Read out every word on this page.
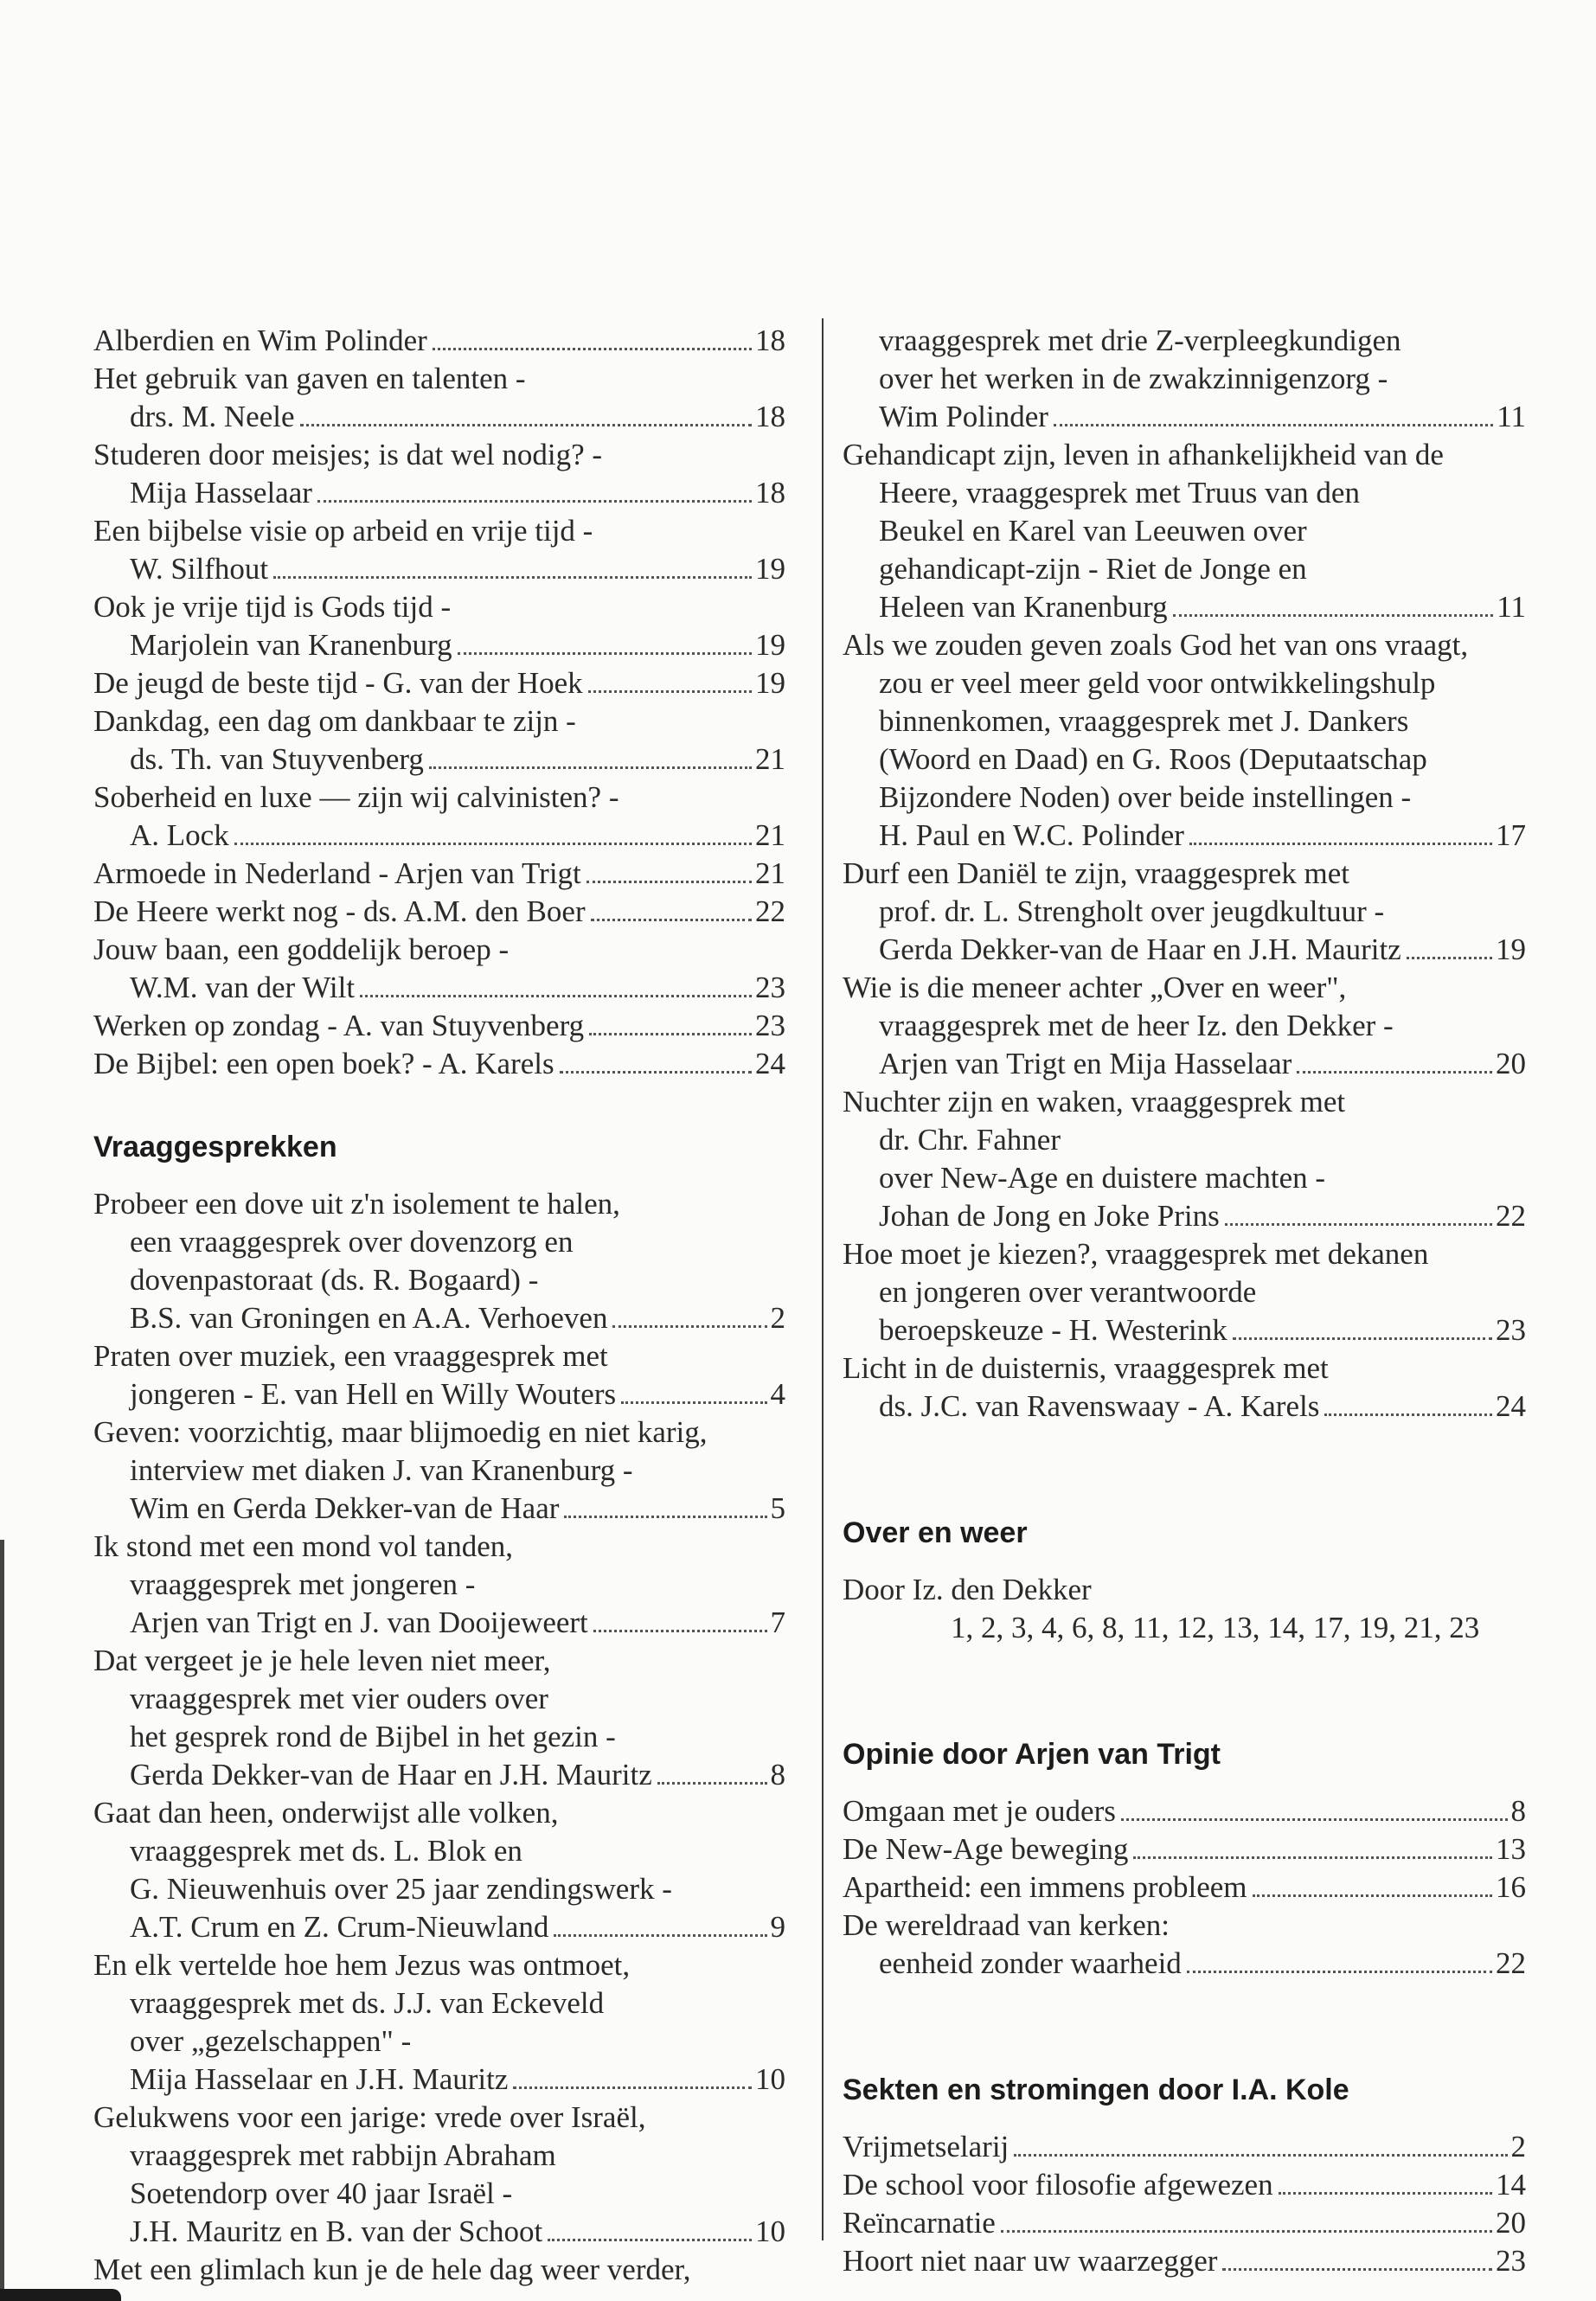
Alberdien en Wim Polinder	18
Het gebruik van gaven en talenten -
drs. M. Neele	18
Studeren door meisjes; is dat wel nodig? -
Mija Hasselaar	18
Een bijbelse visie op arbeid en vrije tijd -
W. Silfhout	19
Ook je vrije tijd is Gods tijd -
Marjolein van Kranenburg	19
De jeugd de beste tijd - G. van der Hoek	19
Dankdag, een dag om dankbaar te zijn -
ds. Th. van Stuyvenberg	21
Soberheid en luxe — zijn wij calvinisten? -
A. Lock	21
Armoede in Nederland - Arjen van Trigt	21
De Heere werkt nog - ds. A.M. den Boer	22
Jouw baan, een goddelijk beroep -
W.M. van der Wilt	23
Werken op zondag - A. van Stuyvenberg	23
De Bijbel: een open boek? - A. Karels	24
Vraaggesprekken
Probeer een dove uit z'n isolement te halen,
een vraaggesprek over dovenzorg en
dovenpastoraat (ds. R. Bogaard) -
B.S. van Groningen en A.A. Verhoeven	2
Praten over muziek, een vraaggesprek met
jongeren - E. van Hell en Willy Wouters	4
Geven: voorzichtig, maar blijmoedig en niet karig,
interview met diaken J. van Kranenburg -
Wim en Gerda Dekker-van de Haar	5
Ik stond met een mond vol tanden,
vraaggesprek met jongeren -
Arjen van Trigt en J. van Dooijeweert	7
Dat vergeet je je hele leven niet meer,
vraaggesprek met vier ouders over
het gesprek rond de Bijbel in het gezin -
Gerda Dekker-van de Haar en J.H. Mauritz	8
Gaat dan heen, onderwijst alle volken,
vraaggesprek met ds. L. Blok en
G. Nieuwenhuis over 25 jaar zendingswerk -
A.T. Crum en Z. Crum-Nieuwland	9
En elk vertelde hoe hem Jezus was ontmoet,
vraaggesprek met ds. J.J. van Eckeveld
over „gezelschappen" -
Mija Hasselaar en J.H. Mauritz	10
Gelukwens voor een jarige: vrede over Israël,
vraaggesprek met rabbijn Abraham
Soetendorp over 40 jaar Israël -
J.H. Mauritz en B. van der Schoot	10
Met een glimlach kun je de hele dag weer verder,
vraaggesprek met drie Z-verpleegkundigen
over het werken in de zwakzinnigenzorg -
Wim Polinder	11
Gehandicapt zijn, leven in afhankelijkheid van de
Heere, vraaggesprek met Truus van den
Beukel en Karel van Leeuwen over
gehandicapt-zijn - Riet de Jonge en
Heleen van Kranenburg	11
Als we zouden geven zoals God het van ons vraagt,
zou er veel meer geld voor ontwikkelingshulp
binnenkomen, vraaggesprek met J. Dankers
(Woord en Daad) en G. Roos (Deputaatschap
Bijzondere Noden) over beide instellingen -
H. Paul en W.C. Polinder	17
Durf een Daniël te zijn, vraaggesprek met
prof. dr. L. Strengholt over jeugdkultuur -
Gerda Dekker-van de Haar en J.H. Mauritz	19
Wie is die meneer achter „Over en weer",
vraaggesprek met de heer Iz. den Dekker -
Arjen van Trigt en Mija Hasselaar	20
Nuchter zijn en waken, vraaggesprek met
dr. Chr. Fahner
over New-Age en duistere machten -
Johan de Jong en Joke Prins	22
Hoe moet je kiezen?, vraaggesprek met dekanen
en jongeren over verantwoorde
beroepskeuze - H. Westerink	23
Licht in de duisternis, vraaggesprek met
ds. J.C. van Ravenswaay - A. Karels	24
Over en weer
Door Iz. den Dekker
1, 2, 3, 4, 6, 8, 11, 12, 13, 14, 17, 19, 21, 23
Opinie door Arjen van Trigt
Omgaan met je ouders	8
De New-Age beweging	13
Apartheid: een immens probleem	16
De wereldraad van kerken:
eenheid zonder waarheid	22
Sekten en stromingen door I.A. Kole
Vrijmetselarij	2
De school voor filosofie afgewezen	14
Reïncarnatie	20
Hoort niet naar uw waarzegger	23
